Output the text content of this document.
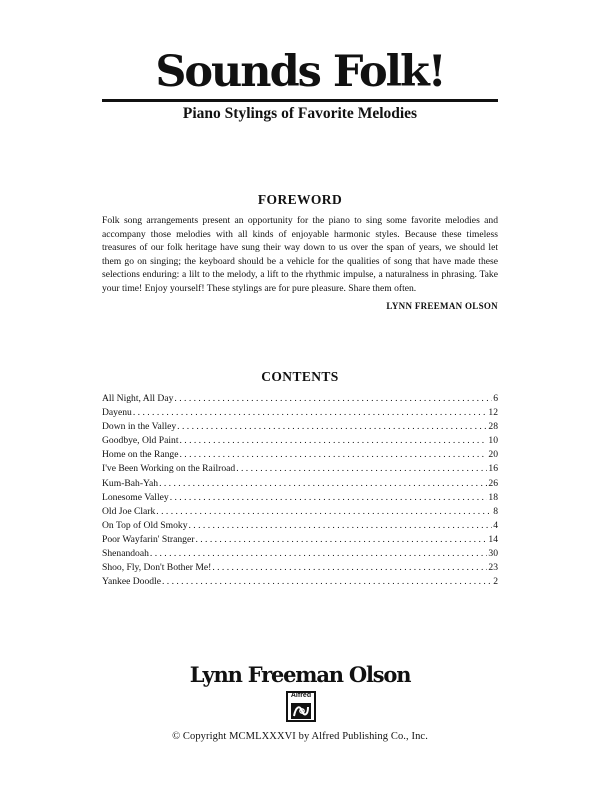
Sounds Folk!
Piano Stylings of Favorite Melodies
FOREWORD
Folk song arrangements present an opportunity for the piano to sing some favorite melodies and accompany those melodies with all kinds of enjoyable harmonic styles. Because these timeless treasures of our folk heritage have sung their way down to us over the span of years, we should let them go on singing; the keyboard should be a vehicle for the qualities of song that have made these selections enduring: a lilt to the melody, a lift to the rhythmic impulse, a naturalness in phrasing. Take your time! Enjoy yourself! These stylings are for pure pleasure. Share them often.
LYNN FREEMAN OLSON
CONTENTS
All Night, All Day . . .	6
Dayenu . . .	12
Down in the Valley . . .	28
Goodbye, Old Paint . . .	10
Home on the Range . . .	20
I've Been Working on the Railroad . . .	16
Kum-Bah-Yah . . .	26
Lonesome Valley . . .	18
Old Joe Clark . . .	8
On Top of Old Smoky . . .	4
Poor Wayfarin' Stranger . . .	14
Shenandoah . . .	30
Shoo, Fly, Don't Bother Me! . . .	23
Yankee Doodle . . .	2
Lynn Freeman Olson
Alfred
© Copyright MCMLXXXVI by Alfred Publishing Co., Inc.
